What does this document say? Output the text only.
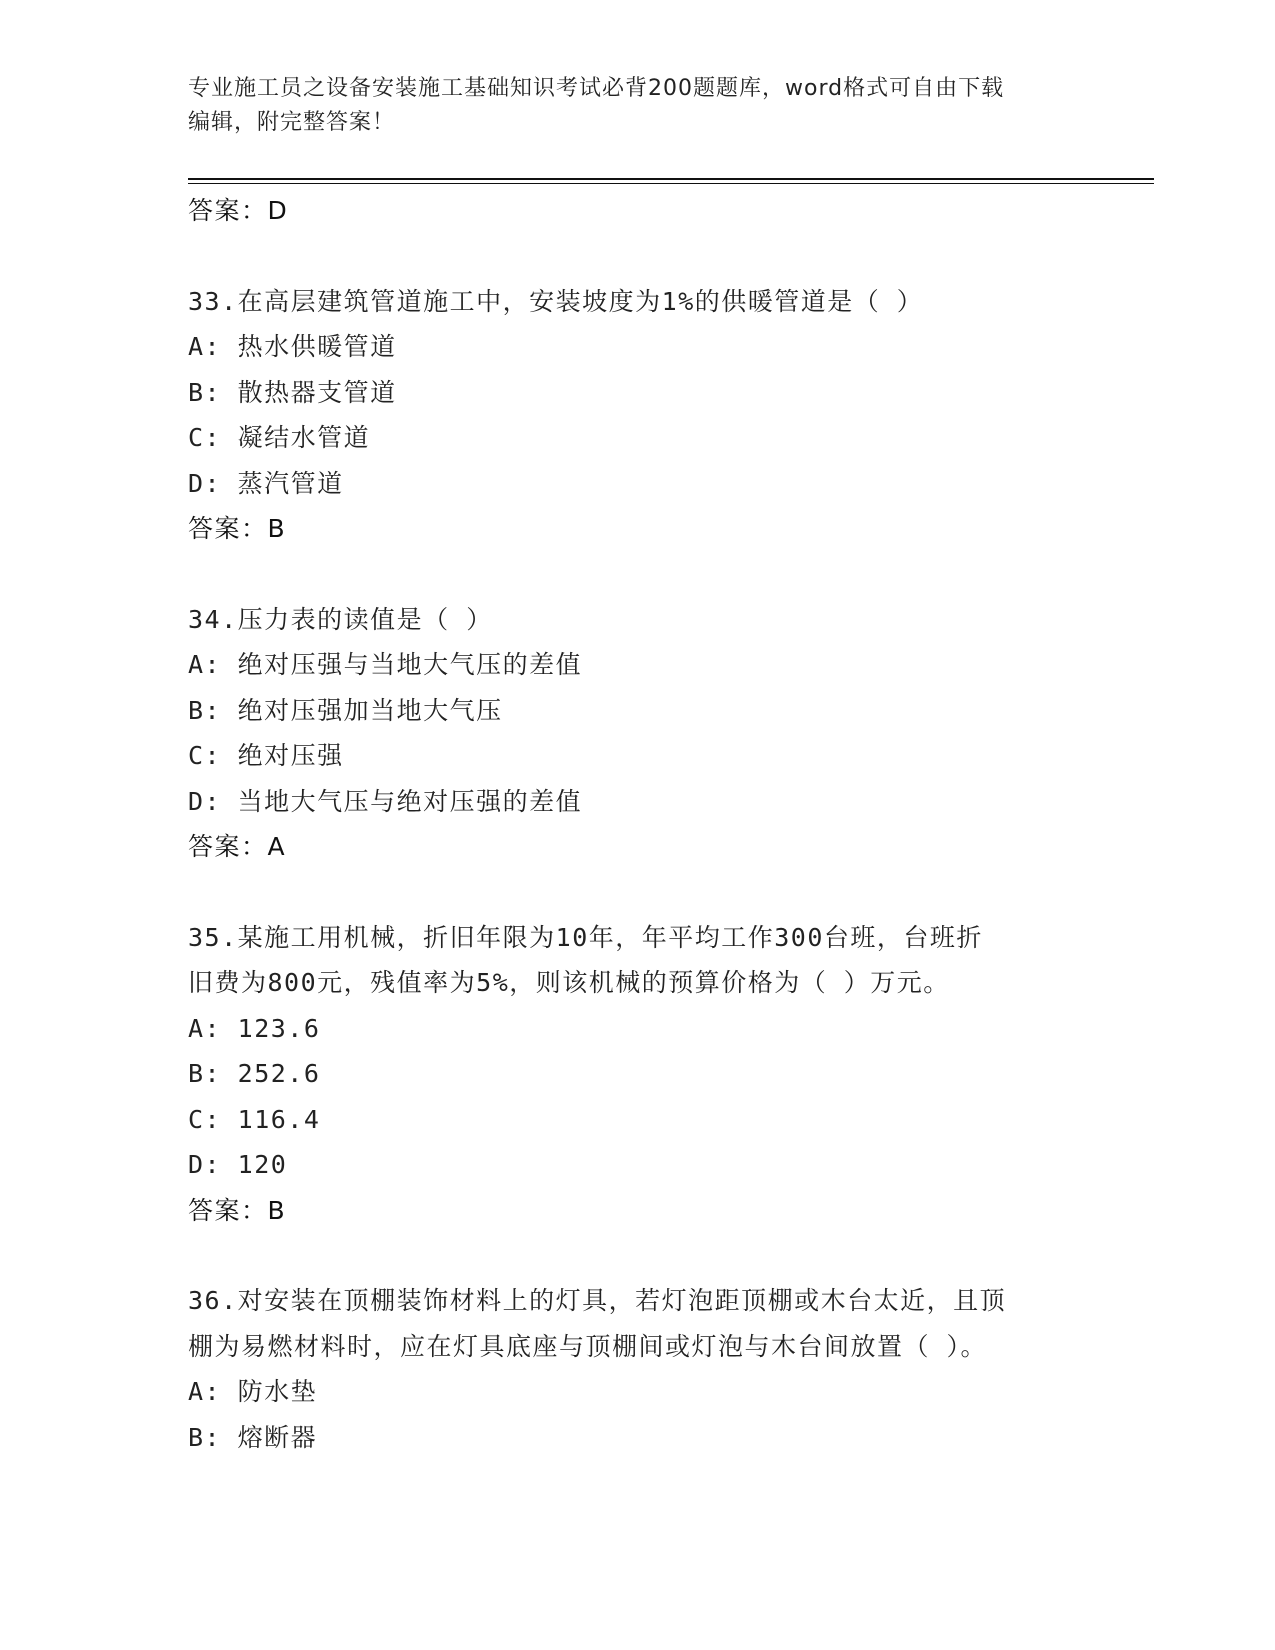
专业施工员之设备安装施工基础知识考试必背200题题库，word格式可自由下载
编辑，附完整答案！
答案：D
33.在高层建筑管道施工中，安装坡度为1%的供暖管道是（ ）
A: 热水供暖管道
B: 散热器支管道
C: 凝结水管道
D: 蒸汽管道
答案：B
34.压力表的读值是（ ）
A: 绝对压强与当地大气压的差值
B: 绝对压强加当地大气压
C: 绝对压强
D: 当地大气压与绝对压强的差值
答案：A
35.某施工用机械，折旧年限为10年，年平均工作300台班，台班折
旧费为800元，残值率为5%，则该机械的预算价格为（ ）万元。
A: 123.6
B: 252.6
C: 116.4
D: 120
答案：B
36.对安装在顶棚装饰材料上的灯具，若灯泡距顶棚或木台太近，且顶
棚为易燃材料时，应在灯具底座与顶棚间或灯泡与木台间放置（ ）。
A: 防水垫
B: 熔断器
